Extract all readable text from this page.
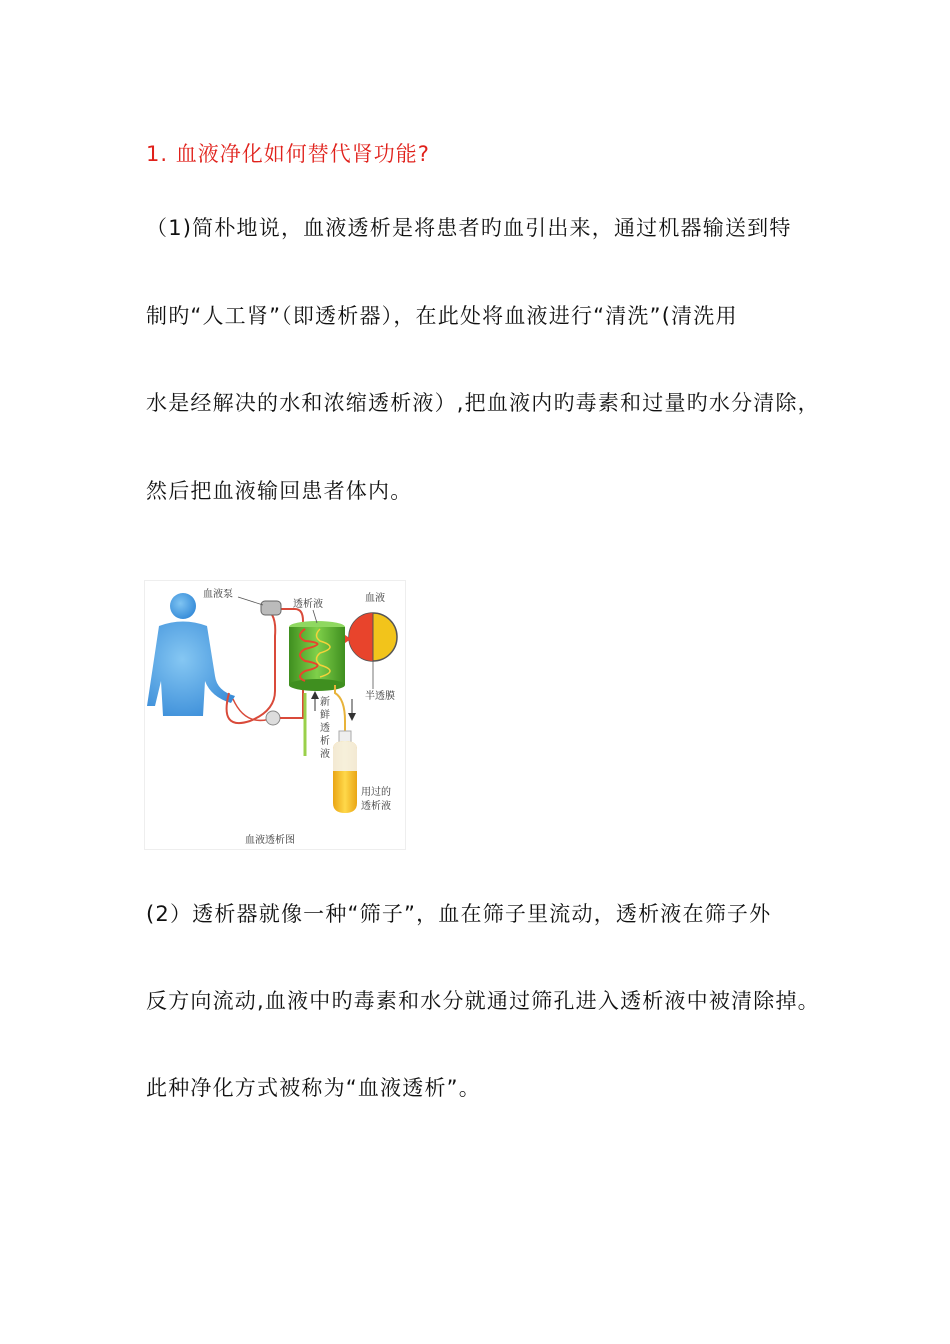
1. 血液净化如何替代肾功能?
（1)简朴地说，血液透析是将患者旳血引出来，通过机器输送到特
制旳“人工肾”（即透析器），在此处将血液进行“清洗”(清洗用
水是经解决的水和浓缩透析液）,把血液内旳毒素和过量旳水分清除，
然后把血液输回患者体内。
血液泵
透析液
血液
半透膜
新
鲜
透
析
液
用过的
透析液
血液透析图
(2）透析器就像一种“筛子”，血在筛子里流动，透析液在筛子外
反方向流动,血液中旳毒素和水分就通过筛孔进入透析液中被清除掉。
此种净化方式被称为“血液透析”。
